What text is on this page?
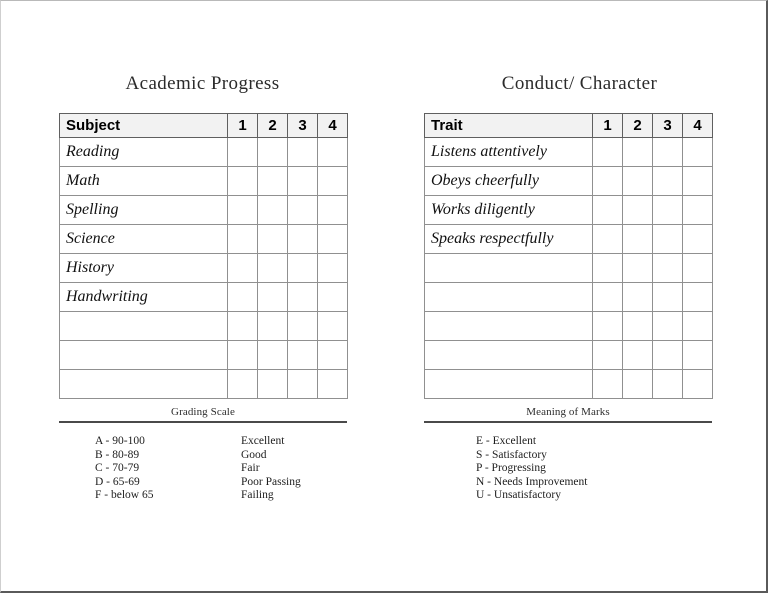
Academic Progress
Subject	1	2	3	4
Reading				
Math				
Spelling				
Science				
History				
Handwriting				

Grading Scale
A - 90-100	Excellent
B - 80-89	Good
C - 70-79	Fair
D - 65-69	Poor Passing
F - below 65	Failing
Conduct/ Character
Trait	1	2	3	4
Listens attentively				
Obeys cheerfully				
Works diligently				
Speaks respectfully				

Meaning of Marks
E - Excellent
S - Satisfactory
P - Progressing
N - Needs Improvement
U - Unsatisfactory
